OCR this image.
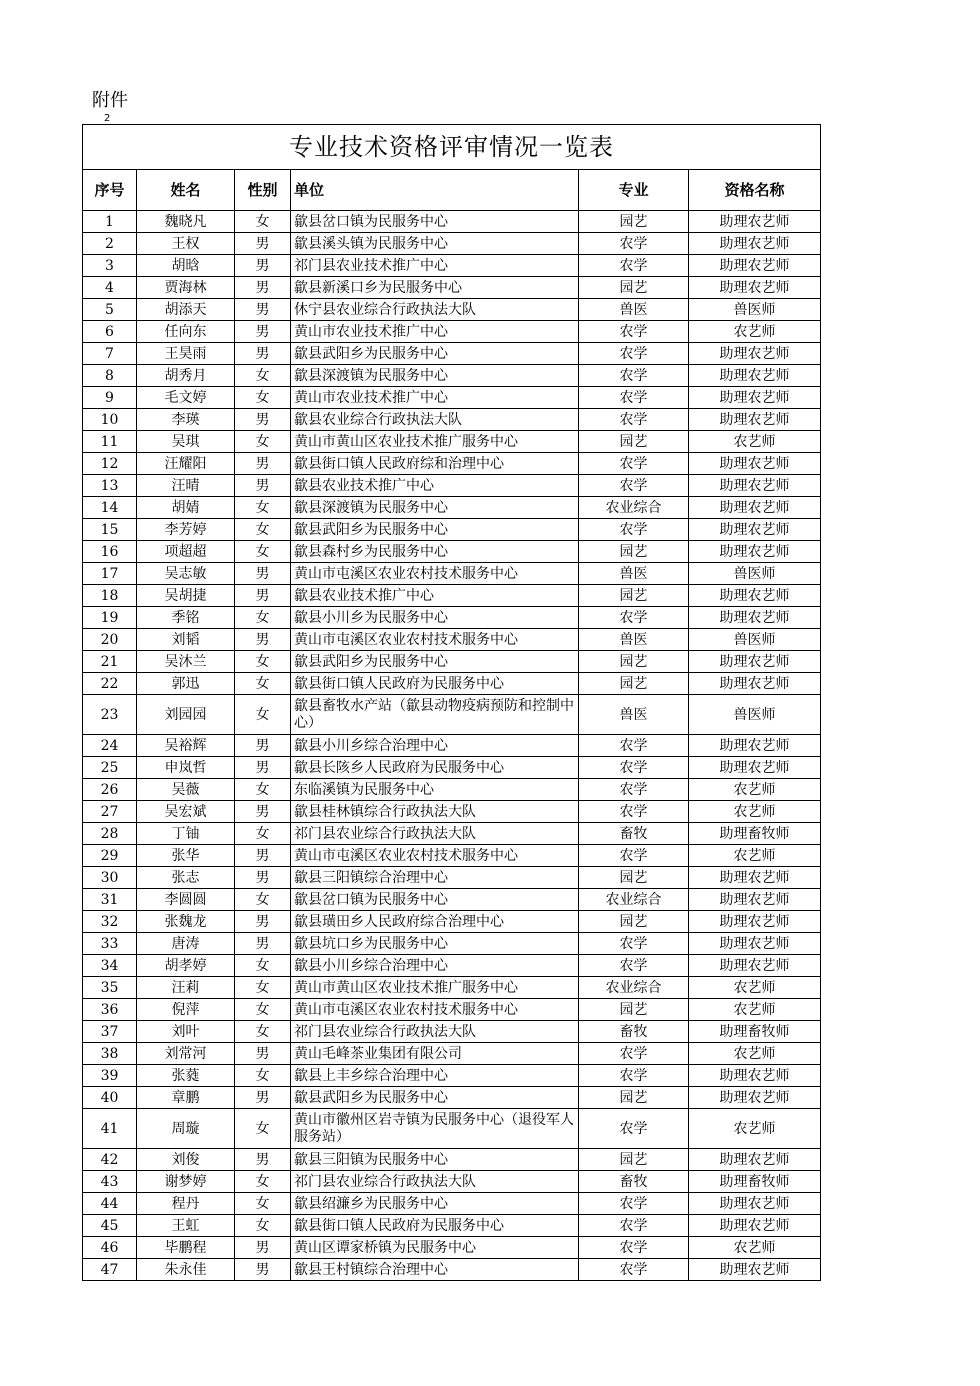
附件
2
专业技术资格评审情况一览表					
序号	姓名	性别	单位	专业	资格名称
1	魏晓凡	女	歙县岔口镇为民服务中心	园艺	助理农艺师
2	王权	男	歙县溪头镇为民服务中心	农学	助理农艺师
3	胡晗	男	祁门县农业技术推广中心	农学	助理农艺师
4	贾海林	男	歙县新溪口乡为民服务中心	园艺	助理农艺师
5	胡添天	男	休宁县农业综合行政执法大队	兽医	兽医师
6	任向东	男	黄山市农业技术推广中心	农学	农艺师
7	王昊雨	男	歙县武阳乡为民服务中心	农学	助理农艺师
8	胡秀月	女	歙县深渡镇为民服务中心	农学	助理农艺师
9	毛文婷	女	黄山市农业技术推广中心	农学	助理农艺师
10	李瑛	男	歙县农业综合行政执法大队	农学	助理农艺师
11	吴琪	女	黄山市黄山区农业技术推广服务中心	园艺	农艺师
12	汪耀阳	男	歙县街口镇人民政府综和治理中心	农学	助理农艺师
13	汪晴	男	歙县农业技术推广中心	农学	助理农艺师
14	胡婧	女	歙县深渡镇为民服务中心	农业综合	助理农艺师
15	李芳婷	女	歙县武阳乡为民服务中心	农学	助理农艺师
16	项超超	女	歙县森村乡为民服务中心	园艺	助理农艺师
17	吴志敏	男	黄山市屯溪区农业农村技术服务中心	兽医	兽医师
18	吴胡捷	男	歙县农业技术推广中心	园艺	助理农艺师
19	季铭	女	歙县小川乡为民服务中心	农学	助理农艺师
20	刘韬	男	黄山市屯溪区农业农村技术服务中心	兽医	兽医师
21	吴沐兰	女	歙县武阳乡为民服务中心	园艺	助理农艺师
22	郭迅	女	歙县街口镇人民政府为民服务中心	园艺	助理农艺师
23	刘园园	女	歙县畜牧水产站（歙县动物疫病预防和控制中心）	兽医	兽医师
24	吴裕辉	男	歙县小川乡综合治理中心	农学	助理农艺师
25	申岚哲	男	歙县长陔乡人民政府为民服务中心	农学	助理农艺师
26	吴薇	女	东临溪镇为民服务中心	农学	农艺师
27	吴宏斌	男	歙县桂林镇综合行政执法大队	农学	农艺师
28	丁铀	女	祁门县农业综合行政执法大队	畜牧	助理畜牧师
29	张华	男	黄山市屯溪区农业农村技术服务中心	农学	农艺师
30	张志	男	歙县三阳镇综合治理中心	园艺	助理农艺师
31	李圆圆	女	歙县岔口镇为民服务中心	农业综合	助理农艺师
32	张魏龙	男	歙县璜田乡人民政府综合治理中心	园艺	助理农艺师
33	唐涛	男	歙县坑口乡为民服务中心	农学	助理农艺师
34	胡孝婷	女	歙县小川乡综合治理中心	农学	助理农艺师
35	汪莉	女	黄山市黄山区农业技术推广服务中心	农业综合	农艺师
36	倪萍	女	黄山市屯溪区农业农村技术服务中心	园艺	农艺师
37	刘叶	女	祁门县农业综合行政执法大队	畜牧	助理畜牧师
38	刘常河	男	黄山毛峰茶业集团有限公司	农学	农艺师
39	张蕤	女	歙县上丰乡综合治理中心	农学	助理农艺师
40	章鹏	男	歙县武阳乡为民服务中心	园艺	助理农艺师
41	周璇	女	黄山市徽州区岩寺镇为民服务中心（退役军人服务站）	农学	农艺师
42	刘俊	男	歙县三阳镇为民服务中心	园艺	助理农艺师
43	谢梦婷	女	祁门县农业综合行政执法大队	畜牧	助理畜牧师
44	程丹	女	歙县绍濂乡为民服务中心	农学	助理农艺师
45	王虹	女	歙县街口镇人民政府为民服务中心	农学	助理农艺师
46	毕鹏程	男	黄山区谭家桥镇为民服务中心	农学	农艺师
47	朱永佳	男	歙县王村镇综合治理中心	农学	助理农艺师
